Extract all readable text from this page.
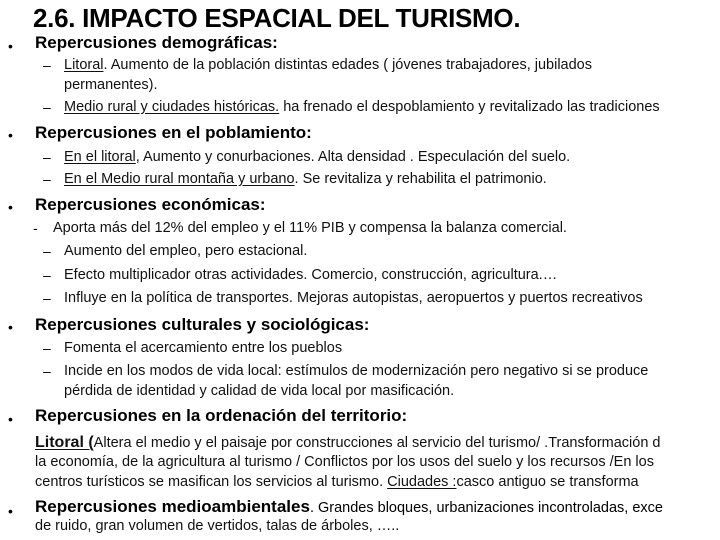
2.6. IMPACTO ESPACIAL DEL TURISMO.
• Repercusiones demográficas:
– Litoral. Aumento de la población distintas edades ( jóvenes trabajadores, jubilados
permanentes).
– Medio rural y ciudades históricas. ha frenado el despoblamiento y revitalizado las tradiciones
• Repercusiones en el poblamiento:
– En el litoral, Aumento y conurbaciones. Alta densidad . Especulación del suelo.
– En el Medio rural montaña y urbano. Se revitaliza y rehabilita el patrimonio.
• Repercusiones económicas:
- Aporta más del 12% del empleo y el 11% PIB y compensa la balanza comercial.
– Aumento del empleo, pero estacional.
– Efecto multiplicador otras actividades. Comercio, construcción, agricultura.…
– Influye en la política de transportes. Mejoras autopistas, aeropuertos y puertos recreativos
• Repercusiones culturales y sociológicas:
– Fomenta el acercamiento entre los pueblos
– Incide en los modos de vida local: estímulos de modernización pero negativo si se produce
pérdida de identidad y calidad de vida local por masificación.
• Repercusiones en la ordenación del territorio:
Litoral (Altera el medio y el paisaje por construcciones al servicio del turismo/ .Transformación d
la economía, de la agricultura al turismo / Conflictos por los usos del suelo y los recursos /En los
centros turísticos se masifican los servicios al turismo. Ciudades :casco antiguo se transforma
• Repercusiones medioambientales. Grandes bloques, urbanizaciones incontroladas, exce
de ruido, gran volumen de vertidos, talas de árboles, …..
